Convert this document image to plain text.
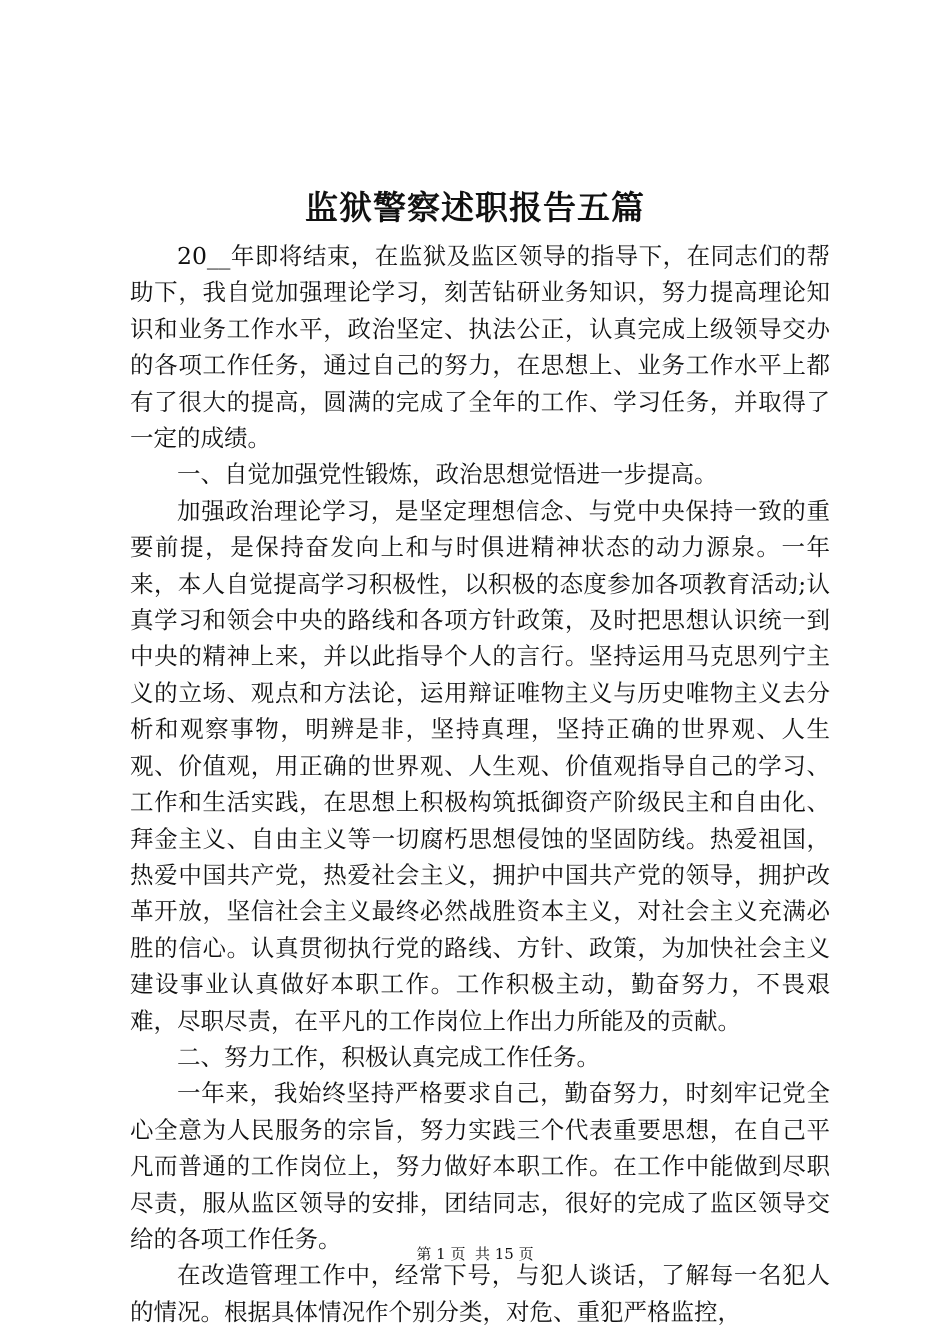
监狱警察述职报告五篇

20__年即将结束，在监狱及监区领导的指导下，在同志们的帮助下，我自觉加强理论学习，刻苦钻研业务知识，努力提高理论知识和业务工作水平，政治坚定、执法公正，认真完成上级领导交办的各项工作任务，通过自己的努力，在思想上、业务工作水平上都有了很大的提高，圆满的完成了全年的工作、学习任务，并取得了一定的成绩。

一、自觉加强党性锻炼，政治思想觉悟进一步提高。

加强政治理论学习，是坚定理想信念、与党中央保持一致的重要前提，是保持奋发向上和与时俱进精神状态的动力源泉。一年来，本人自觉提高学习积极性，以积极的态度参加各项教育活动;认真学习和领会中央的路线和各项方针政策，及时把思想认识统一到中央的精神上来，并以此指导个人的言行。坚持运用马克思列宁主义的立场、观点和方法论，运用辩证唯物主义与历史唯物主义去分析和观察事物，明辨是非，坚持真理，坚持正确的世界观、人生观、价值观，用正确的世界观、人生观、价值观指导自己的学习、工作和生活实践，在思想上积极构筑抵御资产阶级民主和自由化、拜金主义、自由主义等一切腐朽思想侵蚀的坚固防线。热爱祖国，热爱中国共产党，热爱社会主义，拥护中国共产党的领导，拥护改革开放，坚信社会主义最终必然战胜资本主义，对社会主义充满必胜的信心。认真贯彻执行党的路线、方针、政策，为加快社会主义建设事业认真做好本职工作。工作积极主动，勤奋努力，不畏艰难，尽职尽责，在平凡的工作岗位上作出力所能及的贡献。

二、努力工作，积极认真完成工作任务。

一年来，我始终坚持严格要求自己，勤奋努力，时刻牢记党全心全意为人民服务的宗旨，努力实践三个代表重要思想，在自己平凡而普通的工作岗位上，努力做好本职工作。在工作中能做到尽职尽责，服从监区领导的安排，团结同志，很好的完成了监区领导交给的各项工作任务。

在改造管理工作中，经常下号，与犯人谈话，了解每一名犯人的情况。根据具体情况作个别分类，对危、重犯严格监控，

第 1 页  共 15 页
